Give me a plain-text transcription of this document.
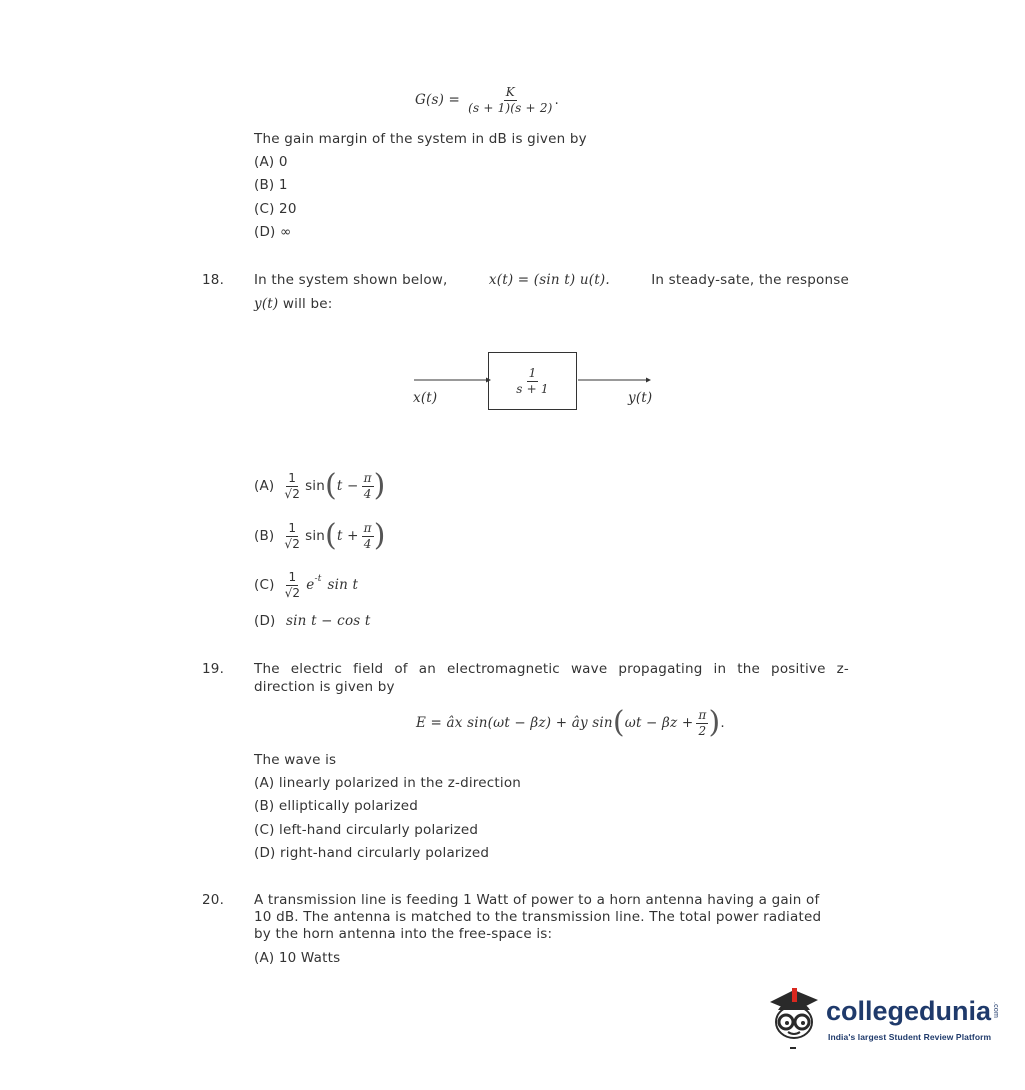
$G(s) = \frac{K}{(s + 1)(s + 2)}$ .
The gain margin of the system in dB is given by
(A) 0
(B) 1
(C) 20
(D) ∞
18. In the system shown below,	x(t) = (sin t) u(t).	In steady-sate, the response
y(t) will be:
$\frac{1}{s + 1}$
x(t)	y(t)
$(A) \frac{1}{√2}$ sin ( $t - \frac{\pi}{4}$ )
$(B) \frac{1}{√2}$ sin ( $t + \frac{\pi}{4}$ )
$(C) \frac{1}{√2} e^{-t}$ sin t
(D) sin t − cos t
19. The electric field of an electromagnetic wave propagating in the positive z-
direction is given by
E = âx sin(ωt − βz) + ây sin ( $\omega t - \beta z + \frac{\pi}{2}$ ) .
The wave is
(A) linearly polarized in the z-direction
(B) elliptically polarized
(C) left-hand circularly polarized
(D) right-hand circularly polarized
20. A transmission line is feeding 1 Watt of power to a horn antenna having a gain of
10 dB. The antenna is matched to the transmission line. The total power radiated
by the horn antenna into the free-space is:
(A) 10 Watts
collegedunia .com
India's largest Student Review Platform
